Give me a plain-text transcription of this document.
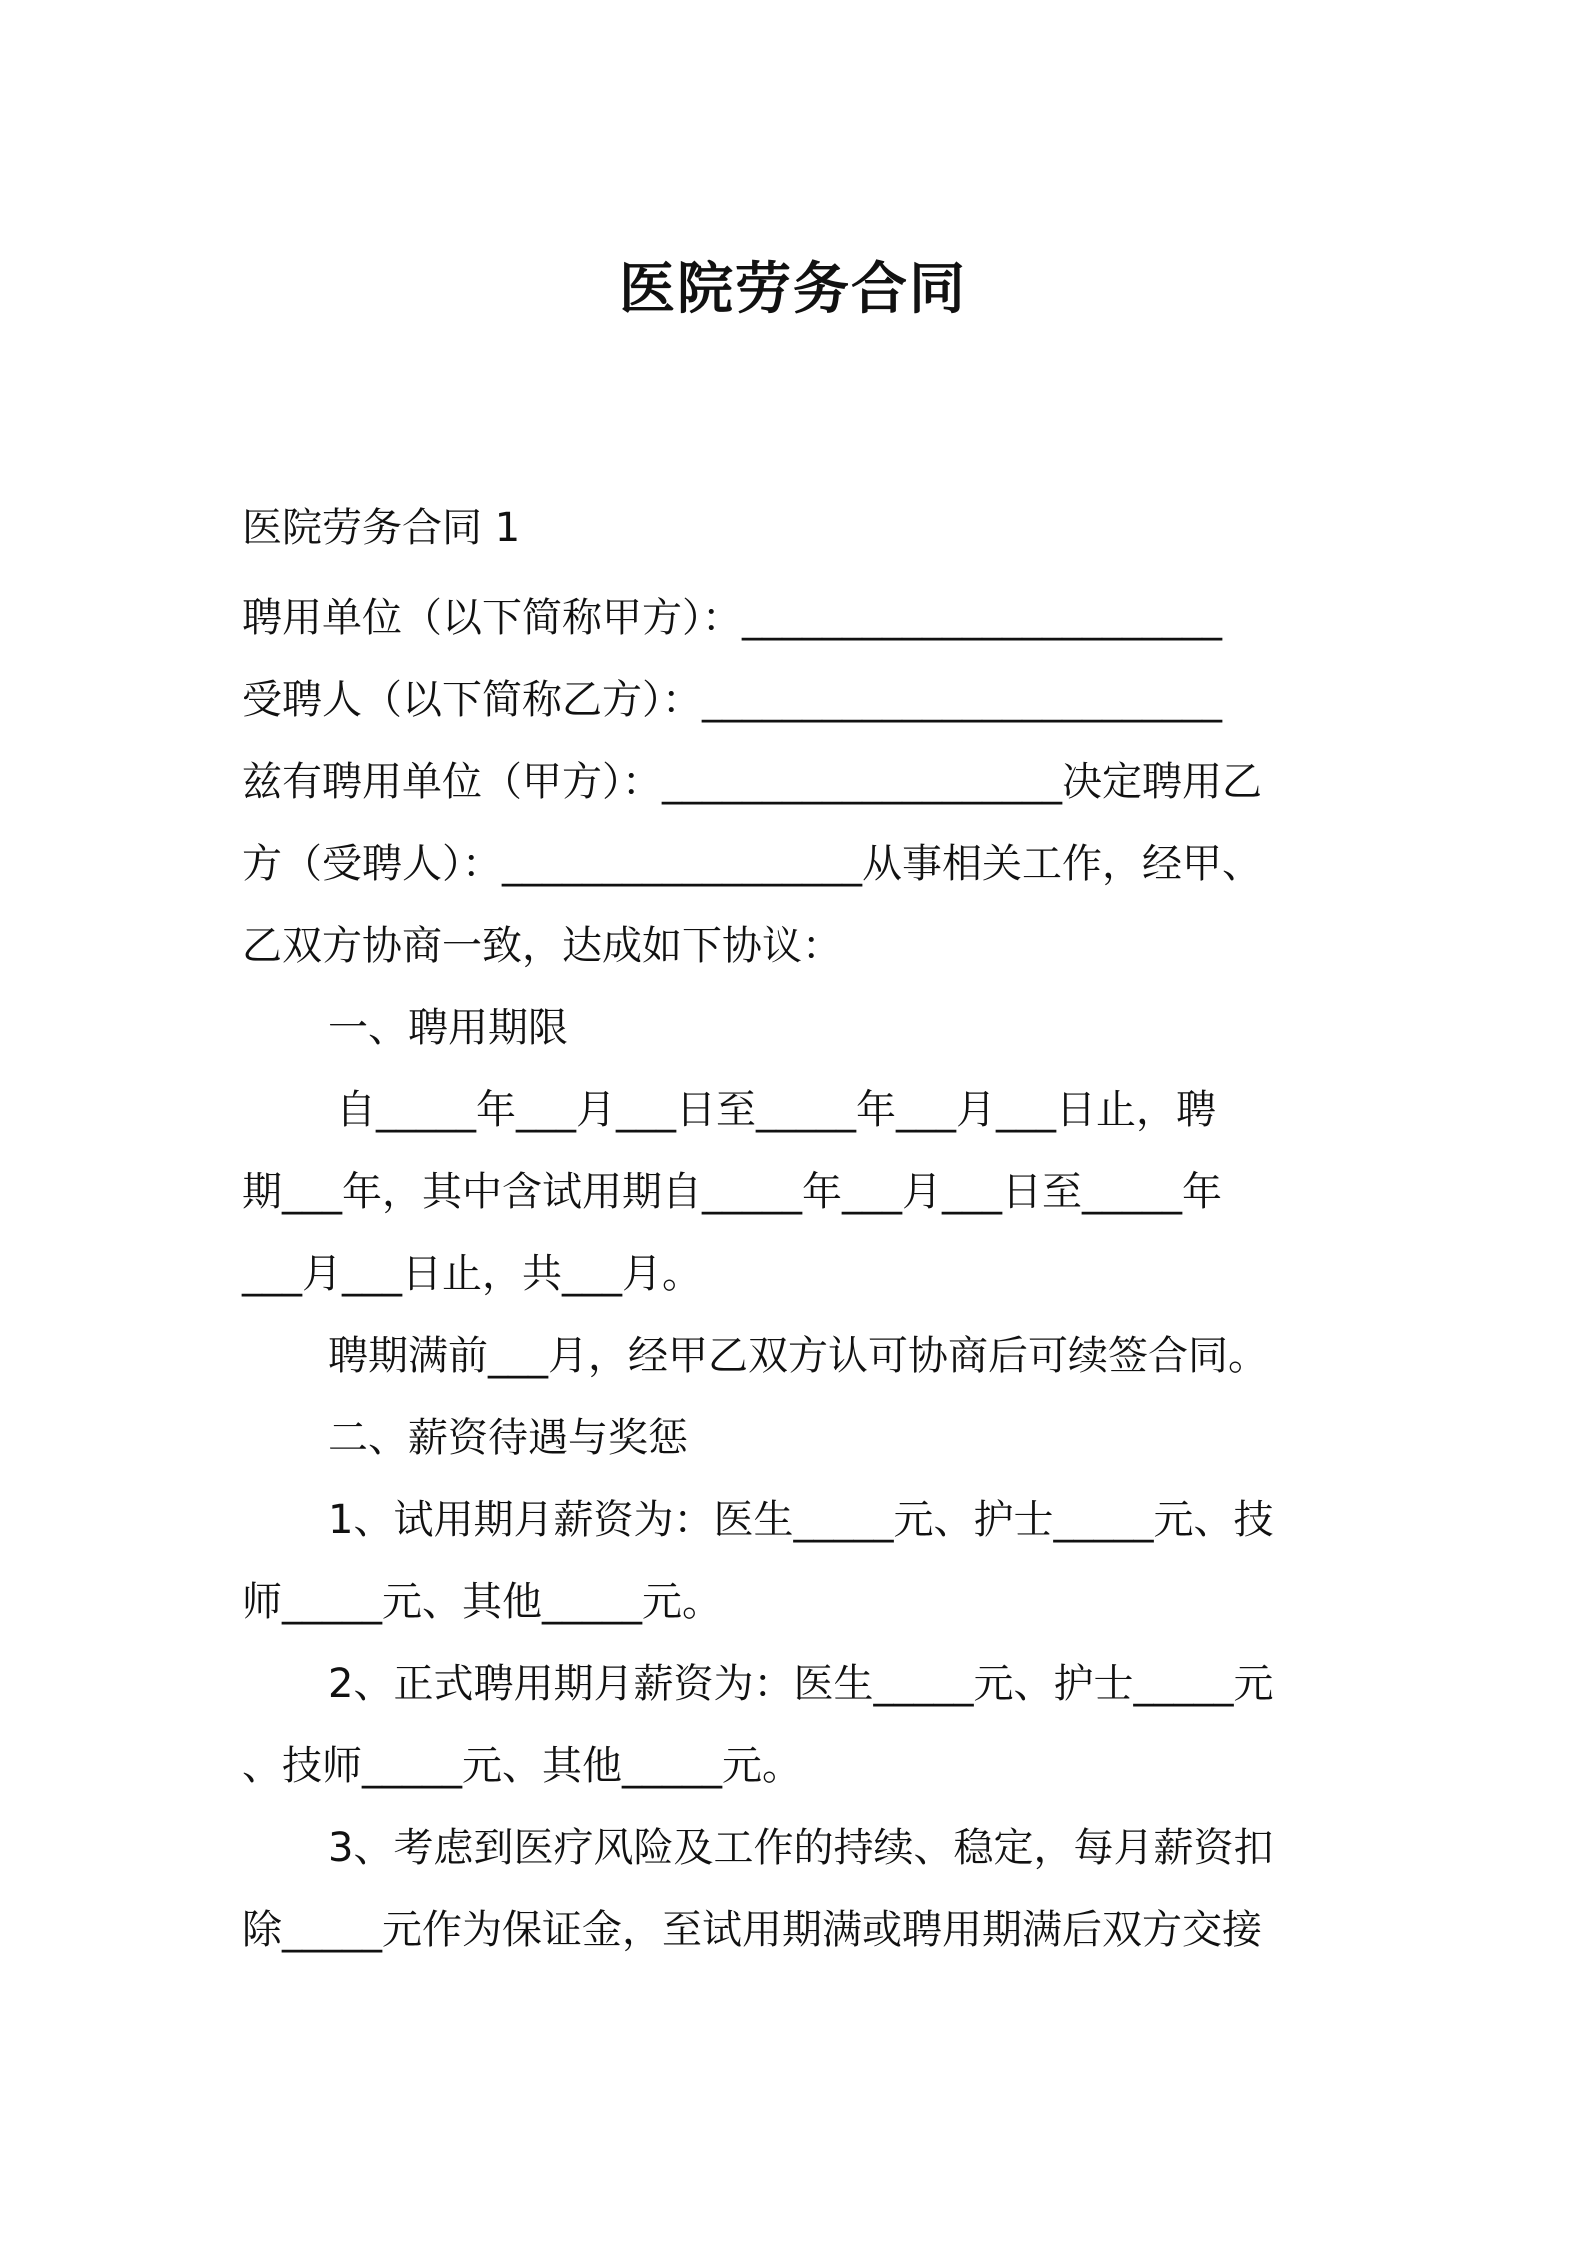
医院劳务合同
医院劳务合同 1
聘用单位（以下简称甲方）：________________________
受聘人（以下简称乙方）：__________________________
兹有聘用单位（甲方）：____________________决定聘用乙
方（受聘人）：__________________从事相关工作，经甲、
乙双方协商一致，达成如下协议：
一、聘用期限
自_____年___月___日至_____年___月___日止，聘
期___年，其中含试用期自_____年___月___日至_____年
___月___日止，共___月。
聘期满前___月，经甲乙双方认可协商后可续签合同。
二、薪资待遇与奖惩
1、试用期月薪资为：医生_____元、护士_____元、技
师_____元、其他_____元。
2、正式聘用期月薪资为：医生_____元、护士_____元
、技师_____元、其他_____元。
3、考虑到医疗风险及工作的持续、稳定，每月薪资扣
除_____元作为保证金，至试用期满或聘用期满后双方交接
